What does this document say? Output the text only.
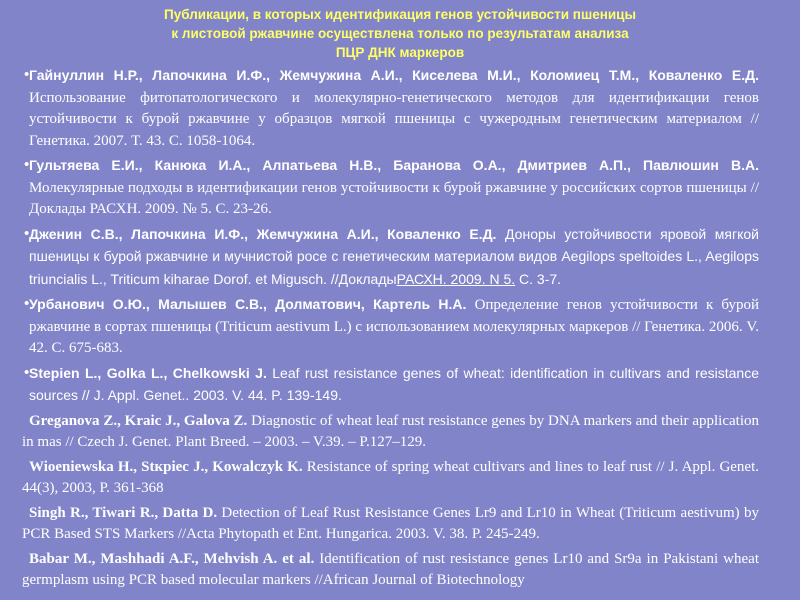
Публикации, в которых идентификация генов устойчивости пшеницы
к листовой ржавчине осуществлена только по результатам анализа
ПЦР ДНК маркеров

• Гайнуллин Н.Р., Лапочкина И.Ф., Жемчужина А.И., Киселева М.И., Коломиец Т.М., Коваленко Е.Д. Использование фитопатологического и молекулярно-генетического методов для идентификации генов устойчивости к бурой ржавчине у образцов мягкой пшеницы с чужеродным генетическим материалом // Генетика. 2007. Т. 43. С. 1058-1064.

• Гультяева Е.И., Канюка И.А., Алпатьева Н.В., Баранова О.А., Дмитриев А.П., Павлюшин В.А. Молекулярные подходы в идентификации генов устойчивости к бурой ржавчине у российских сортов пшеницы // Доклады РАСХН. 2009. № 5. С. 23-26.

• Дженин С.В., Лапочкина И.Ф., Жемчужина А.И., Коваленко Е.Д. Доноры устойчивости яровой мягкой пшеницы к бурой ржавчине и мучнистой росе с генетическим материалом видов Aegilops speltoides L., Aegilops triuncialis L., Triticum kiharae Dorof. et Migusch. //ДокладыРАСХН. 2009. N 5. С. 3-7.

• Урбанович О.Ю., Малышев С.В., Долматович, Картель Н.А. Определение генов устойчивости к бурой ржавчине в сортах пшеницы (Triticum aestivum L.) с использованием молекулярных маркеров // Генетика. 2006. V. 42. С. 675-683.

• Stepien L., Golka L., Chelkowski J. Leaf rust resistance genes of wheat: identification in cultivars and resistance sources // J. Appl. Genet.. 2003. V. 44. P. 139-149.

Greganova Z., Kraic J., Galova Z. Diagnostic of wheat leaf rust resistance genes by DNA markers and their application in mas // Czech J. Genet. Plant Breed. – 2003. – V.39. – P.127–129.

Wioeniewska H., Stкpiec J., Kowalczyk K. Resistance of spring wheat cultivars and lines to leaf rust // J. Appl. Genet. 44(3), 2003, P. 361-368

Singh R., Tiwari R., Datta D. Detection of Leaf Rust Resistance Genes Lr9 and Lr10 in Wheat (Triticum aestivum) by PCR Based STS Markers //Acta Phytopath et Ent. Hungarica. 2003. V. 38. P. 245-249.

Babar M., Mashhadi A.F., Mehvish A. et al. Identification of rust resistance genes Lr10 and Sr9a in Pakistani wheat germplasm using PCR based molecular markers //African Journal of Biotechnology
